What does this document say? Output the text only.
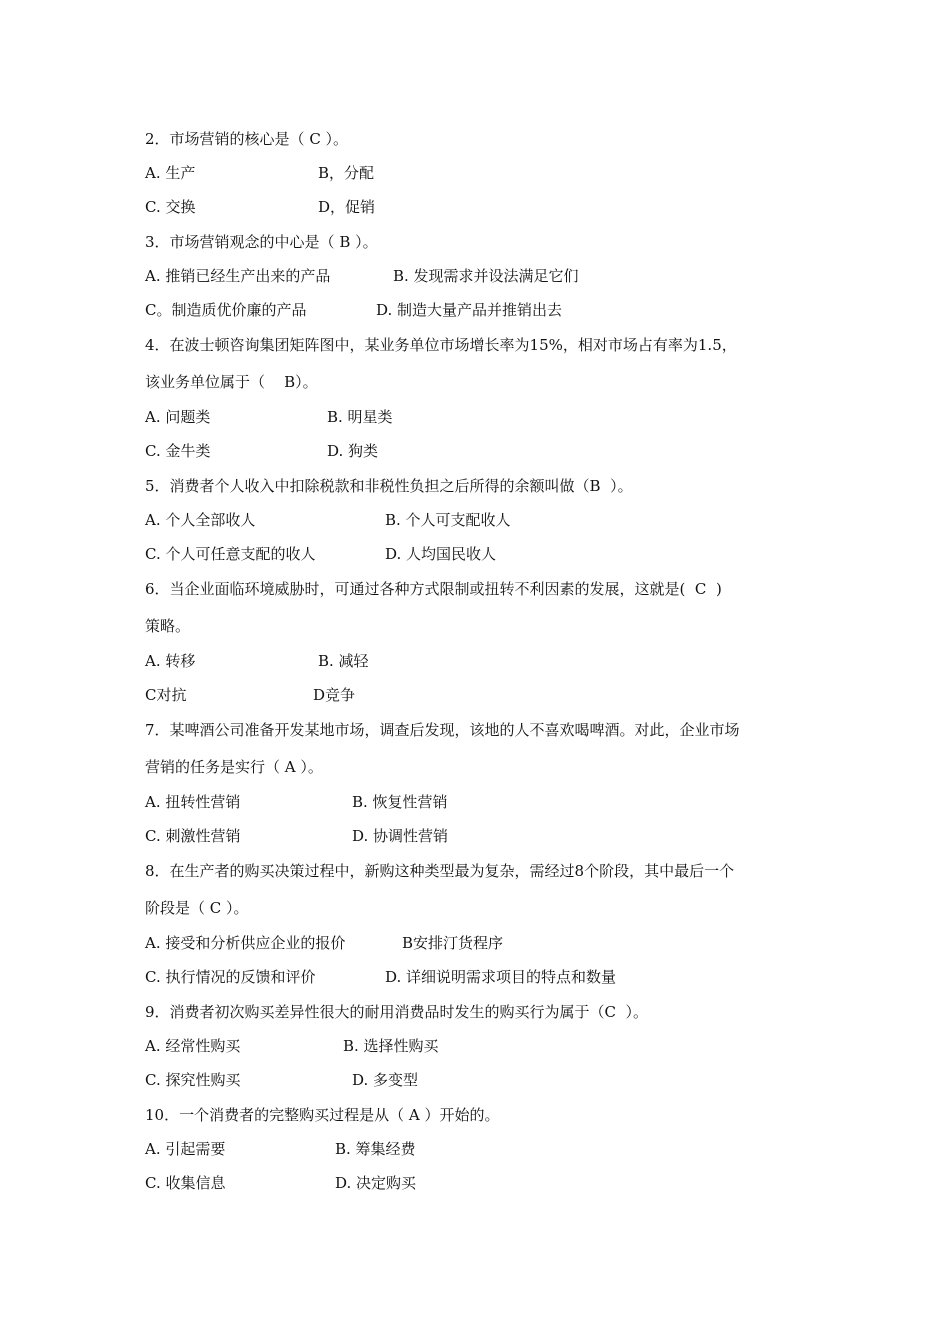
2．市场营销的核心是（ C ）。
A. 生产	B，分配
C. 交换	D，促销
3．市场营销观念的中心是（ B ）。
A. 推销已经生产出来的产品	B. 发现需求并设法满足它们
C。制造质优价廉的产品	D. 制造大量产品并推销出去
4．在波士顿咨询集团矩阵图中，某业务单位市场增长率为15%，相对市场占有率为1.5，
该业务单位属于（    B）。
A. 问题类	B. 明星类
C. 金牛类	D. 狗类
5．消费者个人收入中扣除税款和非税性负担之后所得的余额叫做（B  ）。
A. 个人全部收人	B. 个人可支配收人
C. 个人可任意支配的收人	D. 人均国民收人
6．当企业面临环境威胁时，可通过各种方式限制或扭转不利因素的发展，这就是(  C  )
策略。
A. 转移	B. 减轻
C对抗	D竞争
7．某啤酒公司准备开发某地市场，调查后发现，该地的人不喜欢喝啤酒。对此，企业市场
营销的任务是实行（ A ）。
A. 扭转性营销	B. 恢复性营销
C. 刺激性营销	D. 协调性营销
8．在生产者的购买决策过程中，新购这种类型最为复杂，需经过8个阶段，其中最后一个
阶段是（ C ）。
A. 接受和分析供应企业的报价	B安排汀货程序
C. 执行情况的反馈和评价	D. 详细说明需求项目的特点和数量
9．消费者初次购买差异性很大的耐用消费品时发生的购买行为属于（C  ）。
A. 经常性购买	B. 选择性购买
C. 探究性购买	D. 多变型
10．一个消费者的完整购买过程是从（ A ）开始的。
A. 引起需要	B. 筹集经费
C. 收集信息	D. 决定购买
